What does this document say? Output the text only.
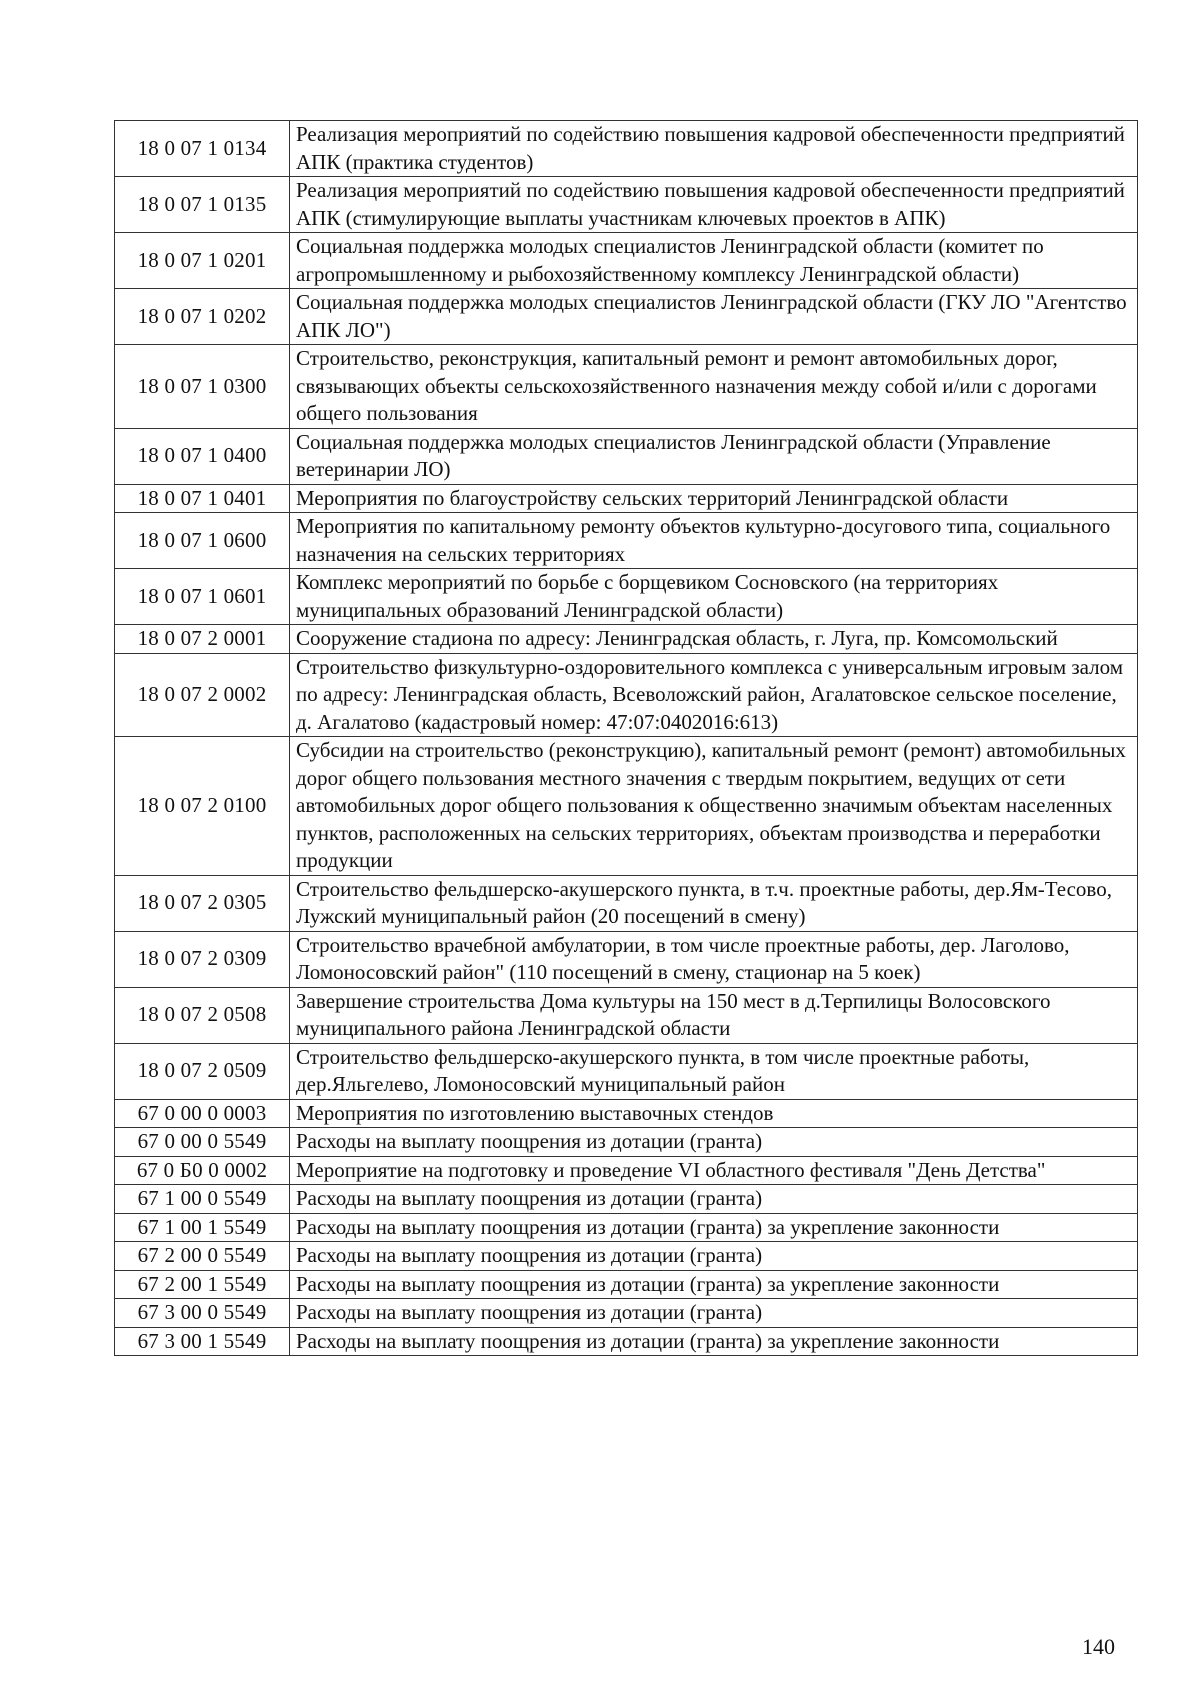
18 0 07 1 0134	Реализация мероприятий по содействию повышения кадровой обеспеченности предприятий АПК (практика студентов)
18 0 07 1 0135	Реализация мероприятий по содействию повышения кадровой обеспеченности предприятий АПК (стимулирующие выплаты участникам ключевых проектов в АПК)
18 0 07 1 0201	Социальная поддержка молодых специалистов Ленинградской области (комитет по агропромышленному и рыбохозяйственному комплексу Ленинградской области)
18 0 07 1 0202	Социальная поддержка молодых специалистов Ленинградской области (ГКУ ЛО "Агентство АПК ЛО")
18 0 07 1 0300	Строительство, реконструкция, капитальный ремонт и ремонт автомобильных дорог, связывающих объекты сельскохозяйственного назначения между собой и/или с дорогами общего пользования
18 0 07 1 0400	Социальная поддержка молодых специалистов Ленинградской области (Управление ветеринарии ЛО)
18 0 07 1 0401	Мероприятия по благоустройству сельских территорий Ленинградской области
18 0 07 1 0600	Мероприятия по капитальному ремонту объектов культурно-досугового типа, социального назначения на сельских территориях
18 0 07 1 0601	Комплекс мероприятий по борьбе с борщевиком Сосновского (на территориях муниципальных образований Ленинградской области)
18 0 07 2 0001	Сооружение стадиона по адресу: Ленинградская область, г. Луга, пр. Комсомольский
18 0 07 2 0002	Строительство физкультурно-оздоровительного комплекса с универсальным игровым залом по адресу: Ленинградская область, Всеволожский район, Агалатовское сельское поселение, д. Агалатово (кадастровый номер: 47:07:0402016:613)
18 0 07 2 0100	Субсидии на строительство (реконструкцию), капитальный ремонт (ремонт) автомобильных дорог общего пользования местного значения с твердым покрытием, ведущих от сети автомобильных дорог общего пользования к общественно значимым объектам населенных пунктов, расположенных на сельских территориях, объектам производства и переработки продукции
18 0 07 2 0305	Строительство фельдшерско-акушерского пункта, в т.ч. проектные работы, дер.Ям-Тесово, Лужский муниципальный район (20 посещений в смену)
18 0 07 2 0309	Строительство врачебной амбулатории, в том числе проектные работы, дер. Лаголово, Ломоносовский район" (110 посещений в смену, стационар на 5 коек)
18 0 07 2 0508	Завершение строительства Дома культуры на 150 мест в д.Терпилицы Волосовского муниципального района Ленинградской области
18 0 07 2 0509	Строительство фельдшерско-акушерского пункта, в том числе проектные работы, дер.Яльгелево, Ломоносовский муниципальный район
67 0 00 0 0003	Мероприятия по изготовлению выставочных стендов
67 0 00 0 5549	Расходы на выплату поощрения из дотации (гранта)
67 0 Б0 0 0002	Мероприятие на подготовку и проведение VI областного фестиваля "День Детства"
67 1 00 0 5549	Расходы на выплату поощрения из дотации (гранта)
67 1 00 1 5549	Расходы на выплату поощрения из дотации (гранта) за укрепление законности
67 2 00 0 5549	Расходы на выплату поощрения из дотации (гранта)
67 2 00 1 5549	Расходы на выплату поощрения из дотации (гранта) за укрепление законности
67 3 00 0 5549	Расходы на выплату поощрения из дотации (гранта)
67 3 00 1 5549	Расходы на выплату поощрения из дотации (гранта) за укрепление законности
140
